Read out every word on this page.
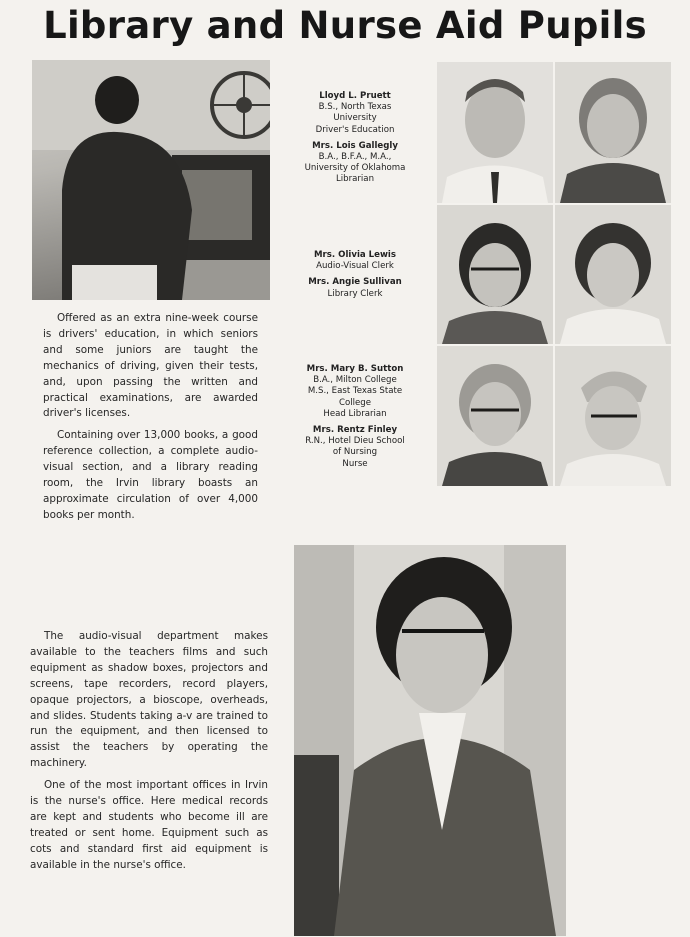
Library and Nurse Aid Pupils
Lloyd L. Pruett
B.S., North Texas
University
Driver's Education
Mrs. Lois Gallegly
B.A., B.F.A., M.A.,
University of Oklahoma
Librarian
Mrs. Olivia Lewis
Audio-Visual Clerk
Mrs. Angie Sullivan
Library Clerk
Mrs. Mary B. Sutton
B.A., Milton College
M.S., East Texas State
College
Head Librarian
Mrs. Rentz Finley
R.N., Hotel Dieu School
of Nursing
Nurse

Offered as an extra nine-week course is drivers' education, in which seniors and some juniors are taught the mechanics of driving, given their tests, and, upon passing the written and practical examinations, are awarded driver's licenses.

Containing over 13,000 books, a good reference collection, a complete audio-visual section, and a library reading room, the Irvin library boasts an approximate circulation of over 4,000 books per month.

The audio-visual department makes available to the teachers films and such equipment as shadow boxes, projectors and screens, tape recorders, record players, opaque projectors, a bioscope, overheads, and slides. Students taking a-v are trained to run the equipment, and then licensed to assist the teachers by operating the machinery.

One of the most important offices in Irvin is the nurse's office. Here medical records are kept and students who become ill are treated or sent home. Equipment such as cots and standard first aid equipment is available in the nurse's office.
